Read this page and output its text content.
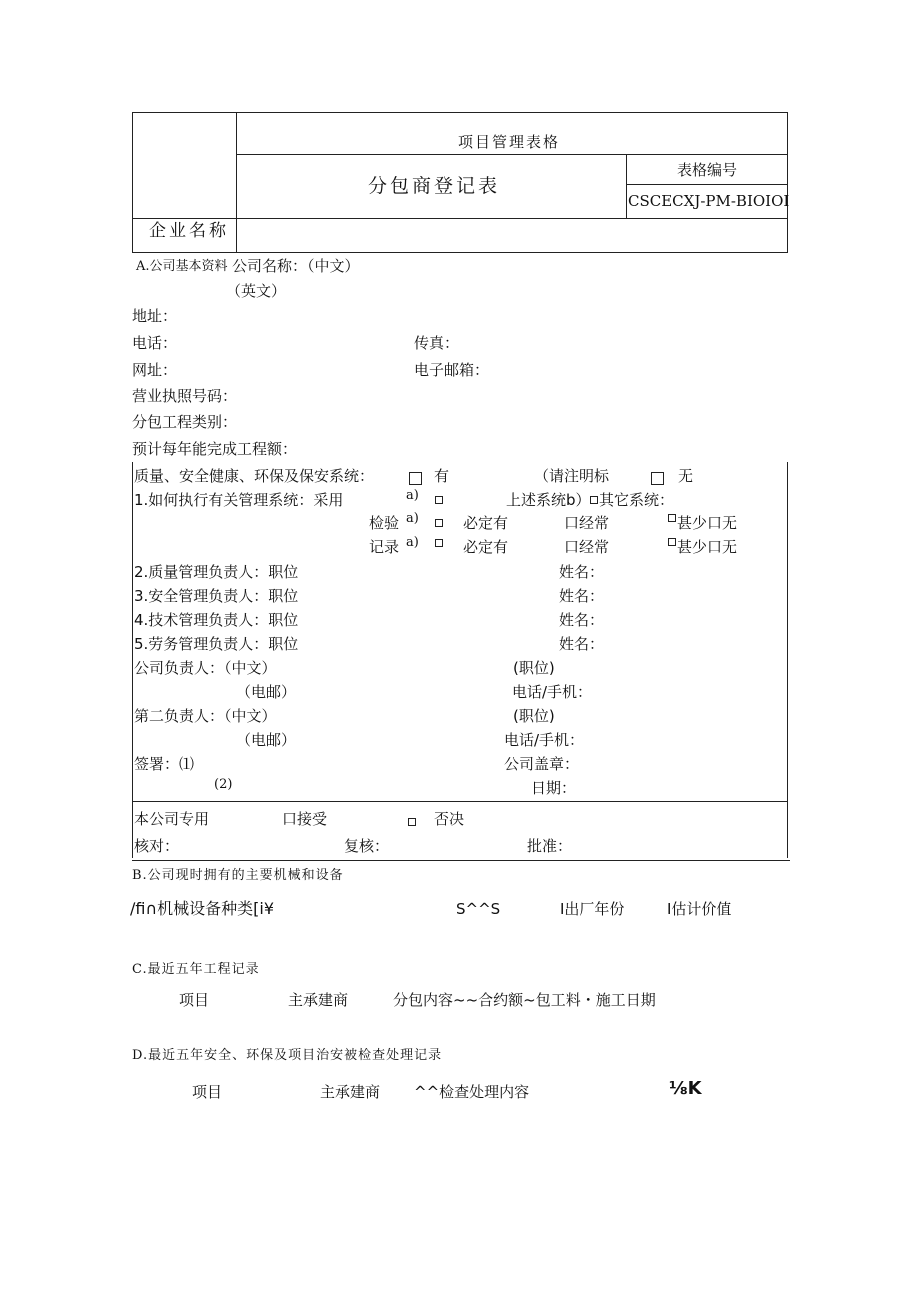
项目管理表格
分包商登记表
表格编号
CSCECXJ-PM-BIOIOI
企业名称
A.公司基本资料 公司名称：（中文）
（英文）
地址：
电话：	传真：
网址：	电子邮箱：
营业执照号码：
分包工程类别：
预计每年能完成工程额：
质量、安全健康、环保及保安系统：	有	（请注明标	无
1.如何执行有关管理系统：采用	a)	上述系统b） 其它系统：
检验 a)	必定有	口经常	甚少口无
记录 a)	必定有	口经常	甚少口无
2.质量管理负责人：职位	姓名：
3.安全管理负责人：职位	姓名：
4.技术管理负责人：职位	姓名：
5.劳务管理负责人：职位	姓名：
公司负责人：（中文）	(职位)
（电邮）	电话/手机：
第二负责人：（中文）	(职位)
（电邮）	电话/手机：
签署：⑴	公司盖章：
(2)	日期：
本公司专用	口接受	否决
核对：	复核：	批准：
B.公司现时拥有的主要机械和设备
∕fi∩机械设备种类[i¥	S^^S	I出厂年份	I估计价值
C.最近五年工程记录
项目	主承建商	分包内容~~合约额~包工料・施工日期
D.最近五年安全、环保及项目治安被检查处理记录
项目	主承建商 ^^检查处理内容	⅛K
